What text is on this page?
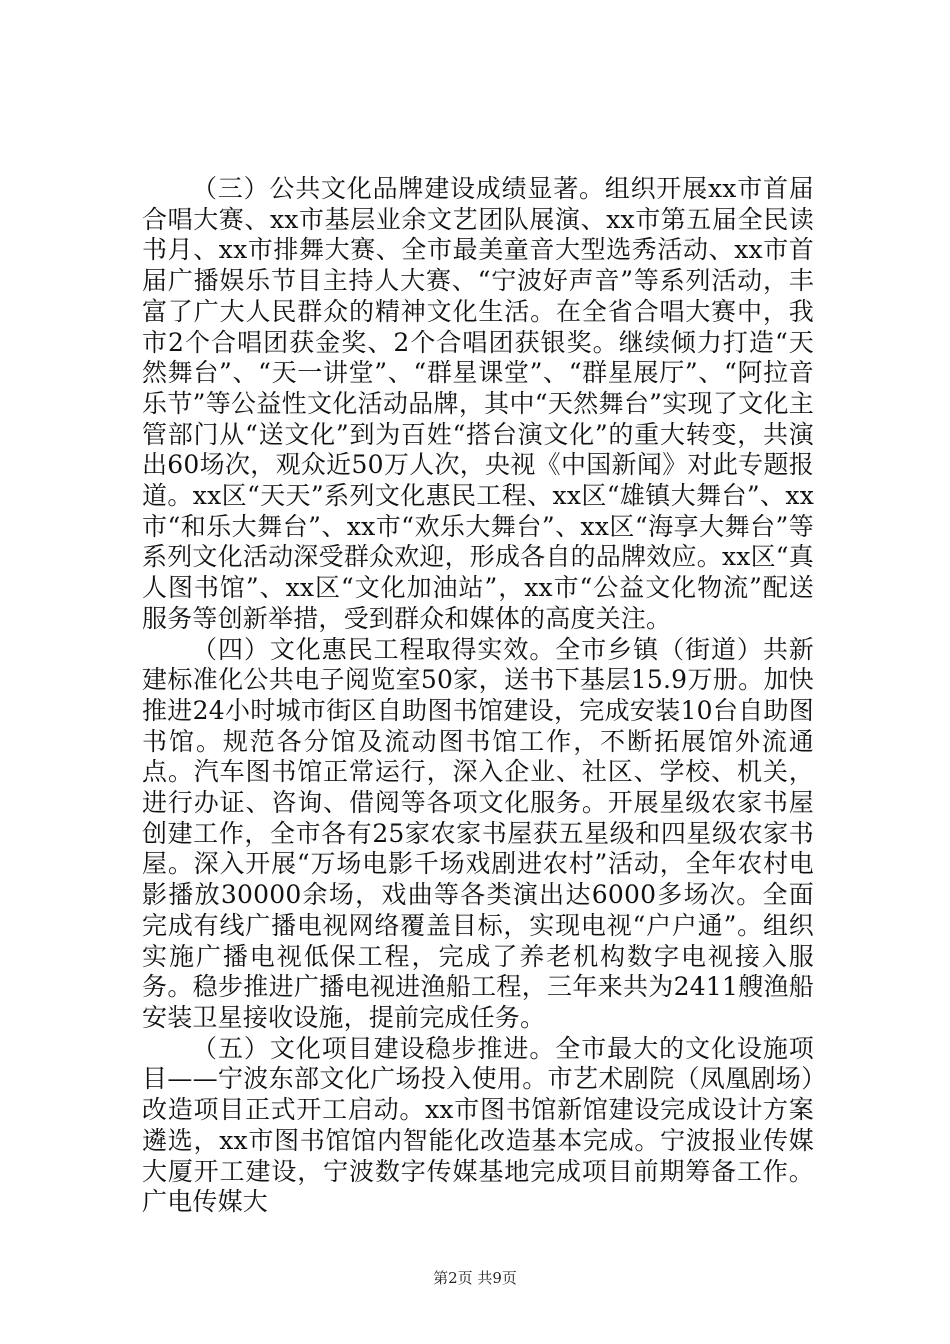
（三）公共文化品牌建设成绩显著。组织开展xx市首届合唱大赛、xx市基层业余文艺团队展演、xx市第五届全民读书月、xx市排舞大赛、全市最美童音大型选秀活动、xx市首届广播娱乐节目主持人大赛、“宁波好声音”等系列活动，丰富了广大人民群众的精神文化生活。在全省合唱大赛中，我市2个合唱团获金奖、2个合唱团获银奖。继续倾力打造“天然舞台”、“天一讲堂”、“群星课堂”、“群星展厅”、“阿拉音乐节”等公益性文化活动品牌，其中“天然舞台”实现了文化主管部门从“送文化”到为百姓“搭台演文化”的重大转变，共演出60场次，观众近50万人次，央视《中国新闻》对此专题报道。xx区“天天”系列文化惠民工程、xx区“雄镇大舞台”、xx市“和乐大舞台”、xx市“欢乐大舞台”、xx区“海享大舞台”等系列文化活动深受群众欢迎，形成各自的品牌效应。xx区“真人图书馆”、xx区“文化加油站”，xx市“公益文化物流”配送服务等创新举措，受到群众和媒体的高度关注。

（四）文化惠民工程取得实效。全市乡镇（街道）共新建标准化公共电子阅览室50家，送书下基层15.9万册。加快推进24小时城市街区自助图书馆建设，完成安装10台自助图书馆。规范各分馆及流动图书馆工作，不断拓展馆外流通点。汽车图书馆正常运行，深入企业、社区、学校、机关，进行办证、咨询、借阅等各项文化服务。开展星级农家书屋创建工作，全市各有25家农家书屋获五星级和四星级农家书屋。深入开展“万场电影千场戏剧进农村”活动，全年农村电影播放30000余场，戏曲等各类演出达6000多场次。全面完成有线广播电视网络覆盖目标，实现电视“户户通”。组织实施广播电视低保工程，完成了养老机构数字电视接入服务。稳步推进广播电视进渔船工程，三年来共为2411艘渔船安装卫星接收设施，提前完成任务。

（五）文化项目建设稳步推进。全市最大的文化设施项目——宁波东部文化广场投入使用。市艺术剧院（凤凰剧场）改造项目正式开工启动。xx市图书馆新馆建设完成设计方案遴选，xx市图书馆馆内智能化改造基本完成。宁波报业传媒大厦开工建设，宁波数字传媒基地完成项目前期筹备工作。广电传媒大

第2页 共9页
